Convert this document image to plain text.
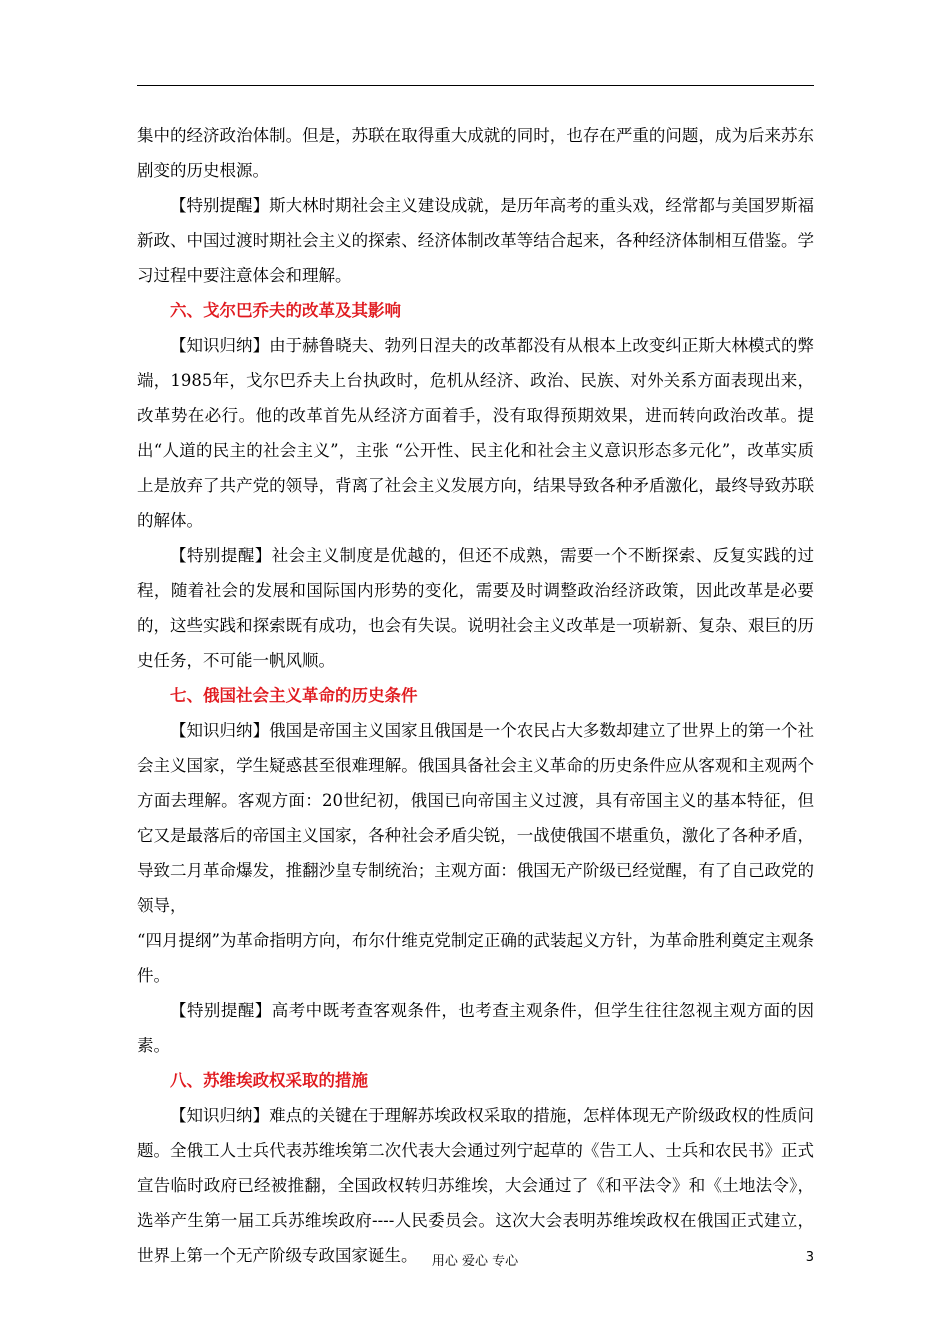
集中的经济政治体制。但是，苏联在取得重大成就的同时，也存在严重的问题，成为后来苏东剧变的历史根源。

【特别提醒】斯大林时期社会主义建设成就，是历年高考的重头戏，经常都与美国罗斯福新政、中国过渡时期社会主义的探索、经济体制改革等结合起来，各种经济体制相互借鉴。学习过程中要注意体会和理解。

六、戈尔巴乔夫的改革及其影响

【知识归纳】由于赫鲁晓夫、勃列日涅夫的改革都没有从根本上改变纠正斯大林模式的弊端，1985年，戈尔巴乔夫上台执政时，危机从经济、政治、民族、对外关系方面表现出来，改革势在必行。他的改革首先从经济方面着手，没有取得预期效果，进而转向政治改革。提出“人道的民主的社会主义”，主张 “公开性、民主化和社会主义意识形态多元化”，改革实质上是放弃了共产党的领导，背离了社会主义发展方向，结果导致各种矛盾激化，最终导致苏联的解体。

【特别提醒】社会主义制度是优越的，但还不成熟，需要一个不断探索、反复实践的过程，随着社会的发展和国际国内形势的变化，需要及时调整政治经济政策，因此改革是必要的，这些实践和探索既有成功，也会有失误。说明社会主义改革是一项崭新、复杂、艰巨的历史任务，不可能一帆风顺。

七、俄国社会主义革命的历史条件

【知识归纳】俄国是帝国主义国家且俄国是一个农民占大多数却建立了世界上的第一个社会主义国家，学生疑惑甚至很难理解。俄国具备社会主义革命的历史条件应从客观和主观两个方面去理解。客观方面：20世纪初，俄国已向帝国主义过渡，具有帝国主义的基本特征，但它又是最落后的帝国主义国家，各种社会矛盾尖锐，一战使俄国不堪重负，激化了各种矛盾，导致二月革命爆发，推翻沙皇专制统治；主观方面：俄国无产阶级已经觉醒，有了自己政党的领导，

“四月提纲”为革命指明方向，布尔什维克党制定正确的武装起义方针，为革命胜利奠定主观条件。

【特别提醒】高考中既考查客观条件，也考查主观条件，但学生往往忽视主观方面的因素。

八、苏维埃政权采取的措施

【知识归纳】难点的关键在于理解苏埃政权采取的措施，怎样体现无产阶级政权的性质问题。全俄工人士兵代表苏维埃第二次代表大会通过列宁起草的《告工人、士兵和农民书》正式宣告临时政府已经被推翻，全国政权转归苏维埃，大会通过了《和平法令》和《土地法令》，选举产生第一届工兵苏维埃政府----人民委员会。这次大会表明苏维埃政权在俄国正式建立，世界上第一个无产阶级专政国家诞生。	用心 爱心 专心	3
